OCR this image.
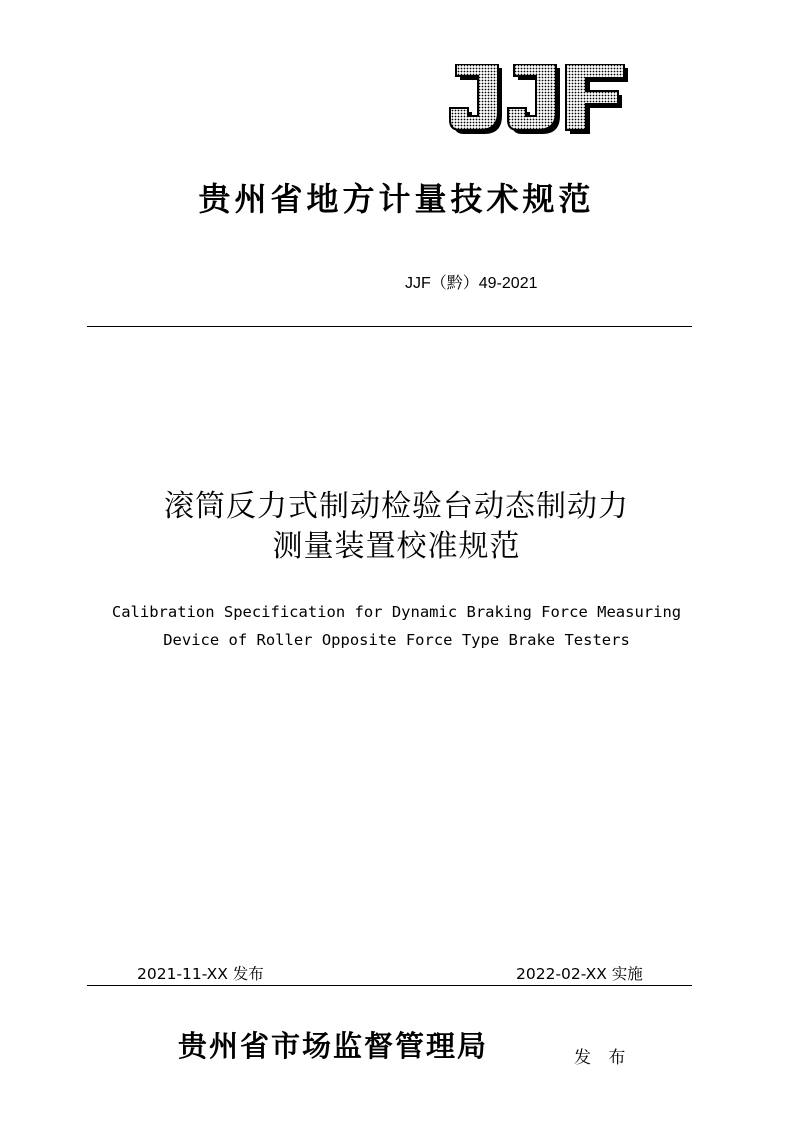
贵州省地方计量技术规范
JJF（黔）49-2021
滚筒反力式制动检验台动态制动力
测量装置校准规范
Calibration Specification for Dynamic Braking Force Measuring
Device of Roller Opposite Force Type Brake Testers
2021-11-XX 发布	2022-02-XX 实施
贵州省市场监督管理局	发 布
